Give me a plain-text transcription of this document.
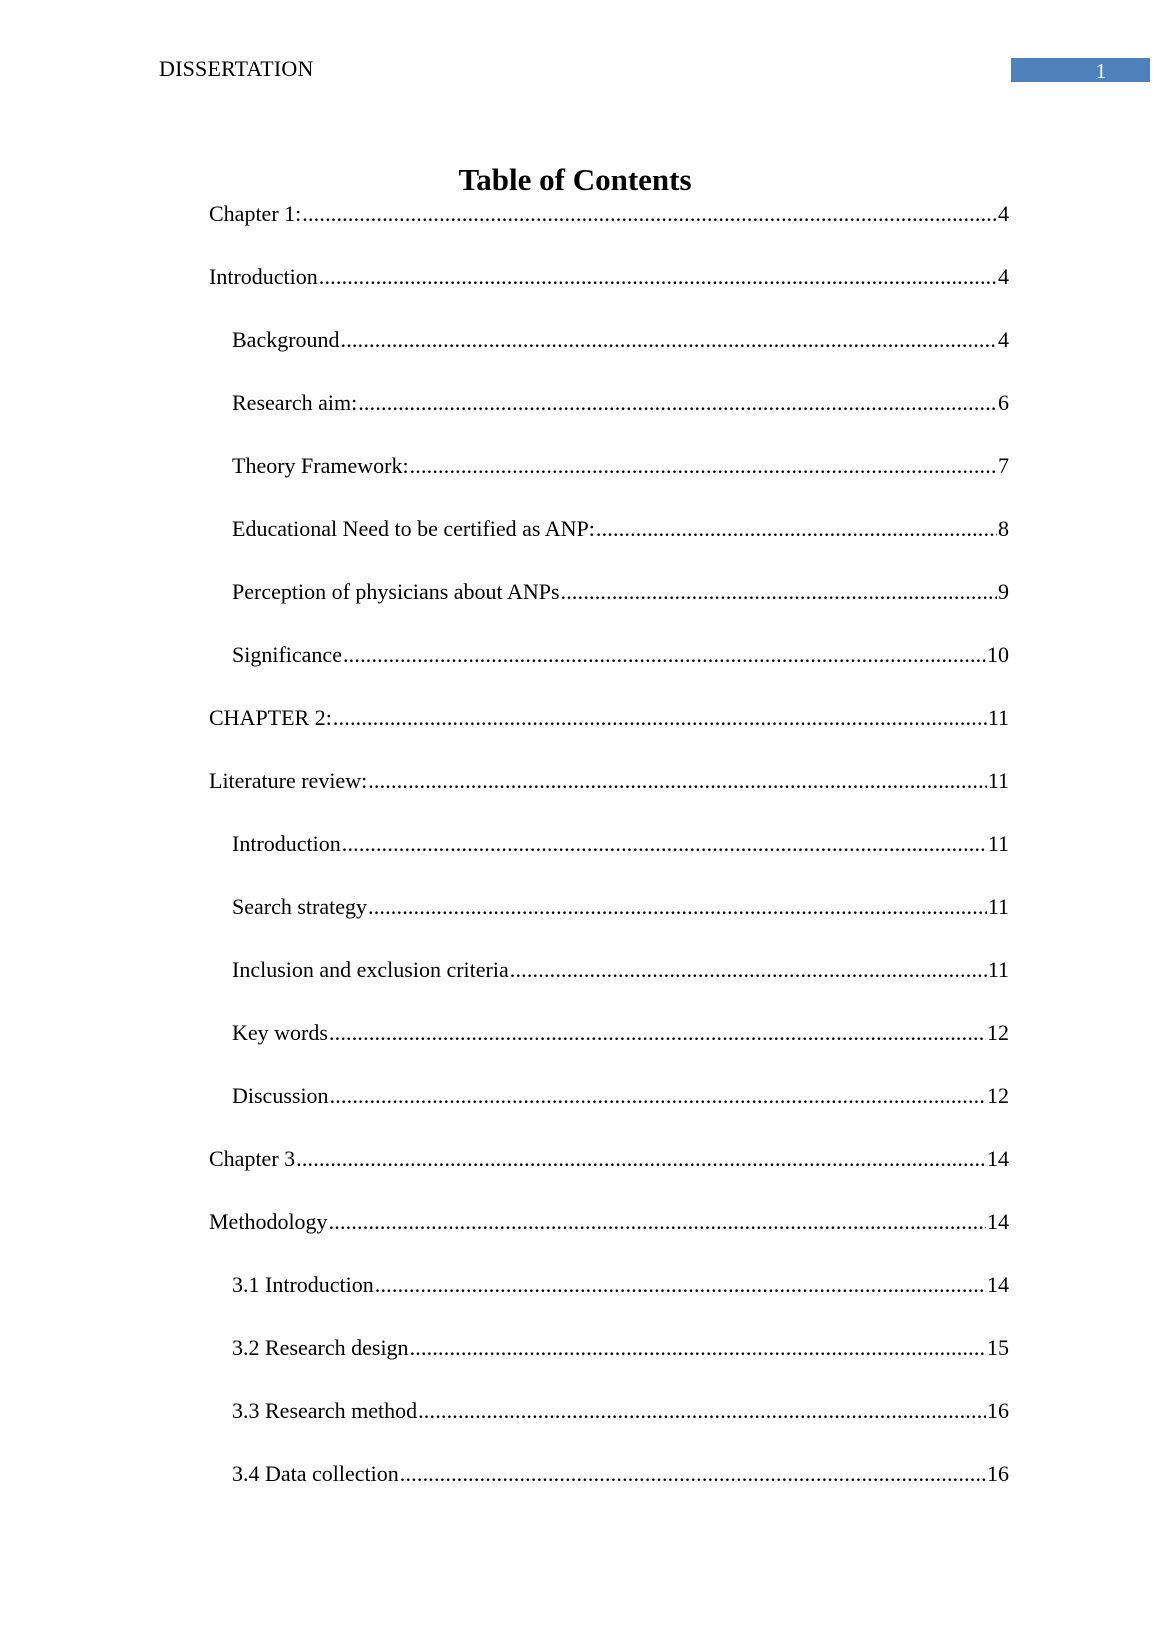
DISSERTATION	1
Table of Contents
Chapter 1: .....	4
Introduction .....	4
Background .....	4
Research aim: .....	6
Theory Framework: .....	7
Educational Need to be certified as ANP: .....	8
Perception of physicians about ANPs .....	9
Significance .....	10
CHAPTER 2: .....	11
Literature review: .....	11
Introduction .....	11
Search strategy .....	11
Inclusion and exclusion criteria .....	11
Key words .....	12
Discussion .....	12
Chapter 3 .....	14
Methodology .....	14
3.1 Introduction .....	14
3.2 Research design .....	15
3.3 Research method .....	16
3.4 Data collection .....	16
